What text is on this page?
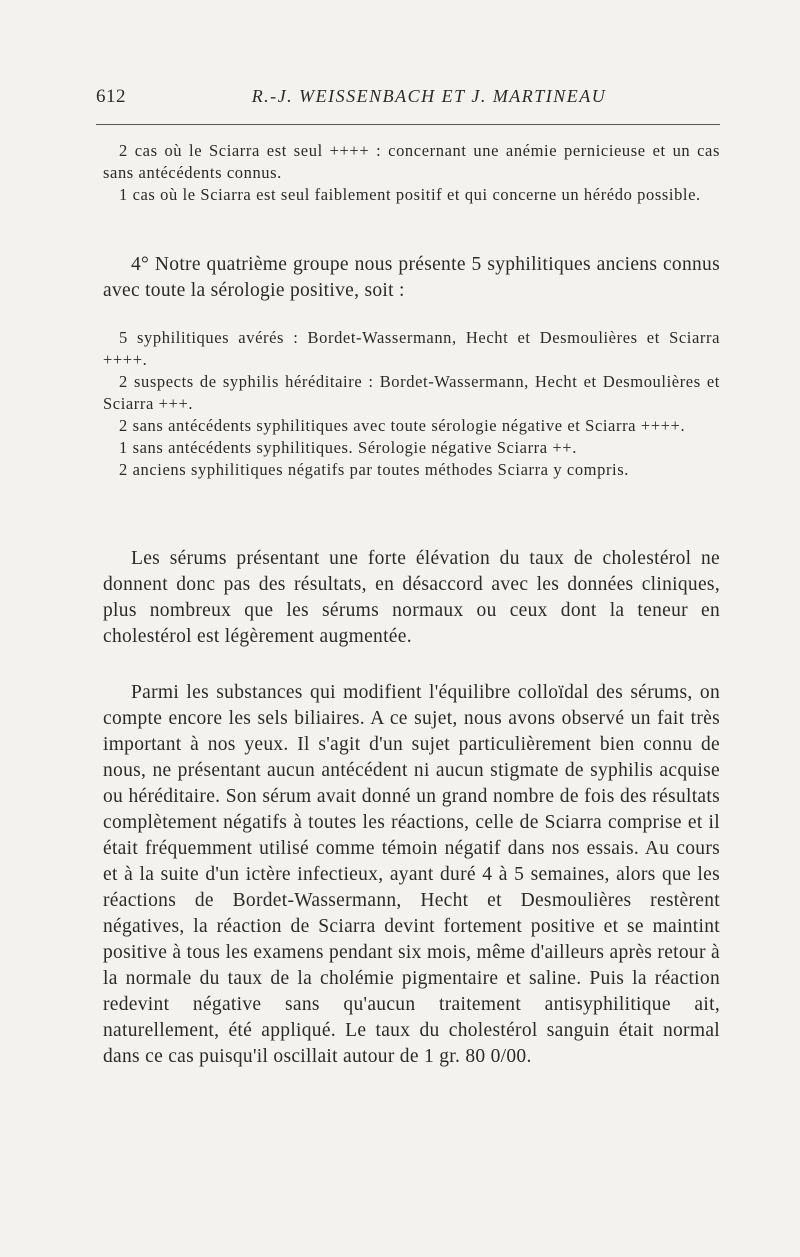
612	R.-J. WEISSENBACH ET J. MARTINEAU

2 cas où le Sciarra est seul ++++ : concernant une anémie pernicieuse et un cas sans antécédents connus.

1 cas où le Sciarra est seul faiblement positif et qui concerne un hérédo possible.

4° Notre quatrième groupe nous présente 5 syphilitiques anciens connus avec toute la sérologie positive, soit :

5 syphilitiques avérés : Bordet-Wassermann, Hecht et Desmoulières et Sciarra ++++.

2 suspects de syphilis héréditaire : Bordet-Wassermann, Hecht et Desmoulières et Sciarra +++.

2 sans antécédents syphilitiques avec toute sérologie négative et Sciarra ++++.

1 sans antécédents syphilitiques. Sérologie négative Sciarra ++.

2 anciens syphilitiques négatifs par toutes méthodes Sciarra y compris.

Les sérums présentant une forte élévation du taux de cholestérol ne donnent donc pas des résultats, en désaccord avec les données cliniques, plus nombreux que les sérums normaux ou ceux dont la teneur en cholestérol est légèrement augmentée.

Parmi les substances qui modifient l'équilibre colloïdal des sérums, on compte encore les sels biliaires. A ce sujet, nous avons observé un fait très important à nos yeux. Il s'agit d'un sujet particulièrement bien connu de nous, ne présentant aucun antécédent ni aucun stigmate de syphilis acquise ou héréditaire. Son sérum avait donné un grand nombre de fois des résultats complètement négatifs à toutes les réactions, celle de Sciarra comprise et il était fréquemment utilisé comme témoin négatif dans nos essais. Au cours et à la suite d'un ictère infectieux, ayant duré 4 à 5 semaines, alors que les réactions de Bordet-Wassermann, Hecht et Desmoulières restèrent négatives, la réaction de Sciarra devint fortement positive et se maintint positive à tous les examens pendant six mois, même d'ailleurs après retour à la normale du taux de la cholémie pigmentaire et saline. Puis la réaction redevint négative sans qu'aucun traitement antisyphilitique ait, naturellement, été appliqué. Le taux du cholestérol sanguin était normal dans ce cas puisqu'il oscillait autour de 1 gr. 80 0/00.
